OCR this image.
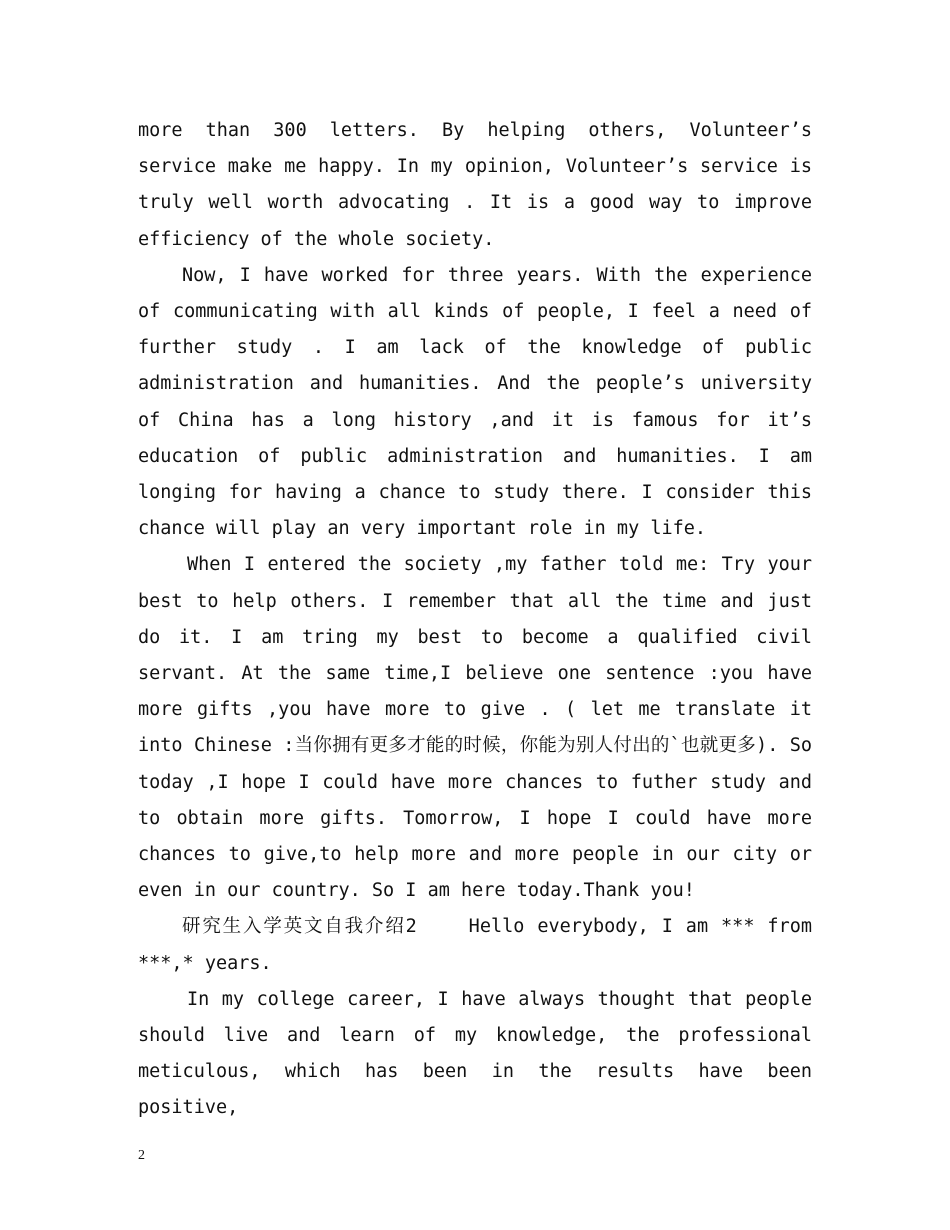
more than 300 letters. By helping others, Volunteer’s service make me happy. In my opinion, Volunteer’s service is truly well worth advocating . It is a good way to improve efficiency of the whole society.

Now, I have worked for three years. With the experience of communicating with all kinds of people, I feel a need of further study . I am lack of the knowledge of public administration and humanities. And the people’s university of China has a long history ,and it is famous for it’s education of public administration and humanities. I am longing for having a chance to study there. I consider this chance will play an very important role in my life.

When I entered the society ,my father told me: Try your best to help others. I remember that all the time and just do it. I am tring my best to become a qualified civil servant. At the same time,I believe one sentence :you have more gifts ,you have more to give . ( let me translate it into Chinese :当你拥有更多才能的时候，你能为别人付出的`也就更多). So today ,I hope I could have more chances to futher study and to obtain more gifts. Tomorrow, I hope I could have more chances to give,to help more and more people in our city or even in our country. So I am here today.Thank you!

研究生入学英文自我介绍2    Hello everybody, I am *** from ***,* years.

In my college career, I have always thought that people should live and learn of my knowledge, the professional meticulous, which has been in the results have been positive,

2
